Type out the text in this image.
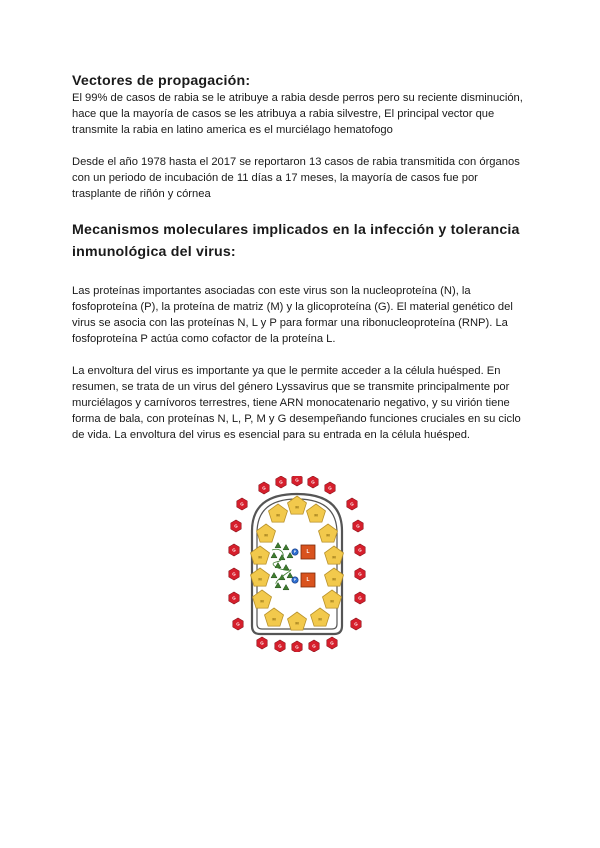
Vectores de propagación:

El 99% de casos de rabia se le atribuye a rabia desde perros pero su reciente disminución, hace que la mayoría de casos se les atribuya a rabia silvestre, El principal vector que transmite la rabia en latino america es el murciélago hematofogo

Desde el año 1978 hasta el 2017 se reportaron 13 casos de rabia transmitida con órganos con un periodo de incubación de 11 días a 17 meses, la mayoría de casos fue por trasplante de riñón y córnea

Mecanismos moleculares implicados en la infección y tolerancia inmunológica del virus:

Las proteínas importantes asociadas con este virus son la nucleoproteína (N), la fosfoproteína (P), la proteína de matriz (M) y la glicoproteína (G). El material genético del virus se asocia con las proteínas N, L y P para formar una ribonucleoproteína (RNP). La fosfoproteína P actúa como cofactor de la proteína L.

La envoltura del virus es importante ya que le permite acceder a la célula huésped. En resumen, se trata de un virus del género Lyssavirus que se transmite principalmente por murciélagos y carnívoros terrestres, tiene ARN monocatenario negativo, y su virión tiene forma de bala, con proteínas N, L, P, M y G desempeñando funciones cruciales en su ciclo de vida. La envoltura del virus es esencial para su entrada en la célula huésped.

G
G	G	G
G
G	G
G	G
G	G
G	G
G	G
G	G
G
G	G	G
G
M
M
M
M	M
M	M
M	M
M	M
M
M
M
P
P
L
L
